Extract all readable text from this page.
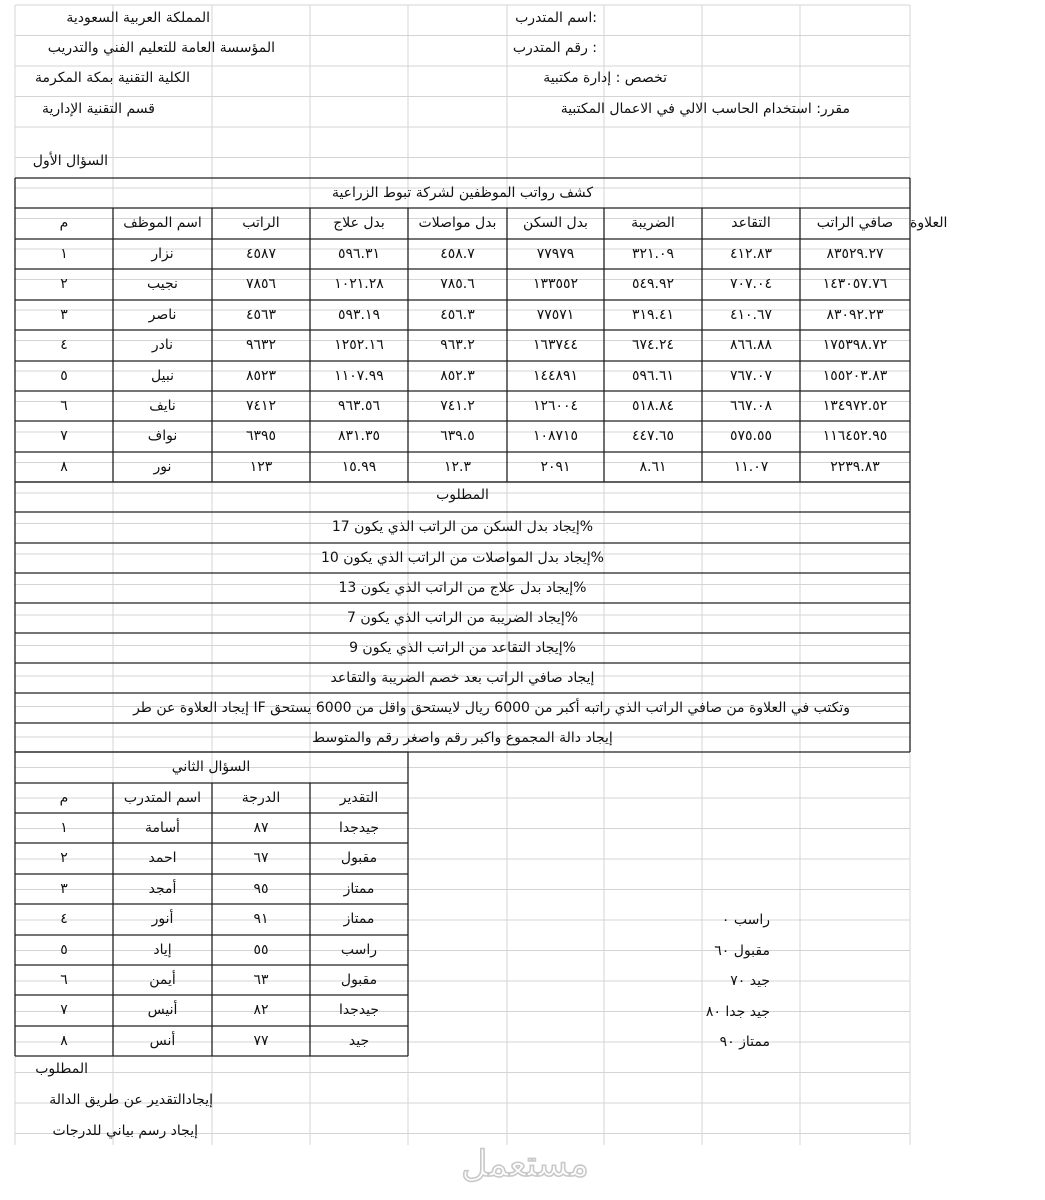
المملكة العربية السعودية
المؤسسة العامة للتعليم الفني والتدريب
الكلية التقنية بمكة المكرمة
قسم التقنية الإدارية
:اسم المتدرب
: رقم المتدرب
تخصص : إدارة مكتبية
مقرر: استخدام الحاسب الالي في الاعمال المكتبية
السؤال الأول
كشف رواتب الموظفين لشركة تبوط الزراعية
م	اسم الموظف	الراتب	بدل علاج	بدل مواصلات	بدل السكن	الضريبة	التقاعد	صافي الراتب	العلاوة
١	نزار	٤٥٨٧	٥٩٦.٣١	٤٥٨.٧	٧٧٩٧٩	٣٢١.٠٩	٤١٢.٨٣	٨٣٥٢٩.٢٧
٢	نجيب	٧٨٥٦	١٠٢١.٢٨	٧٨٥.٦	١٣٣٥٥٢	٥٤٩.٩٢	٧٠٧.٠٤	١٤٣٠٥٧.٧٦
٣	ناصر	٤٥٦٣	٥٩٣.١٩	٤٥٦.٣	٧٧٥٧١	٣١٩.٤١	٤١٠.٦٧	٨٣٠٩٢.٢٣
٤	نادر	٩٦٣٢	١٢٥٢.١٦	٩٦٣.٢	١٦٣٧٤٤	٦٧٤.٢٤	٨٦٦.٨٨	١٧٥٣٩٨.٧٢
٥	نبيل	٨٥٢٣	١١٠٧.٩٩	٨٥٢.٣	١٤٤٨٩١	٥٩٦.٦١	٧٦٧.٠٧	١٥٥٢٠٣.٨٣
٦	نايف	٧٤١٢	٩٦٣.٥٦	٧٤١.٢	١٢٦٠٠٤	٥١٨.٨٤	٦٦٧.٠٨	١٣٤٩٧٢.٥٢
٧	نواف	٦٣٩٥	٨٣١.٣٥	٦٣٩.٥	١٠٨٧١٥	٤٤٧.٦٥	٥٧٥.٥٥	١١٦٤٥٢.٩٥
٨	نور	١٢٣	١٥.٩٩	١٢.٣	٢٠٩١	٨.٦١	١١.٠٧	٢٢٣٩.٨٣
المطلوب
%إيجاد بدل السكن من الراتب الذي يكون 17
%إيجاد بدل المواصلات من الراتب الذي يكون 10
%إيجاد بدل علاج من الراتب الذي يكون 13
%إيجاد الضريبة من الراتب الذي يكون 7
%إيجاد التقاعد من الراتب الذي يكون 9
إيجاد صافي الراتب بعد خصم الضريبة والتقاعد
وتكتب في العلاوة من صافي الراتب الذي راتبه أكبر من 6000 ريال لايستحق واقل من 6000 يستحق IF إيجاد العلاوة عن طر
إيجاد دالة المجموع واكبر رقم واصغر رقم والمتوسط
السؤال الثاني
م	اسم المتدرب	الدرجة	التقدير
١	أسامة	٨٧	جيدجدا
٢	احمد	٦٧	مقبول
٣	أمجد	٩٥	ممتاز
٤	أنور	٩١	ممتاز
٥	إياد	٥٥	راسب
٦	أيمن	٦٣	مقبول
٧	أنيس	٨٢	جيدجدا
٨	أنس	٧٧	جيد
راسب ٠
مقبول ٦٠
جيد ٧٠
جيد جدا ٨٠
ممتاز ٩٠
المطلوب
إيجادالتقدير عن طريق الدالة
إيجاد رسم بياني للدرجات
مستعمل
